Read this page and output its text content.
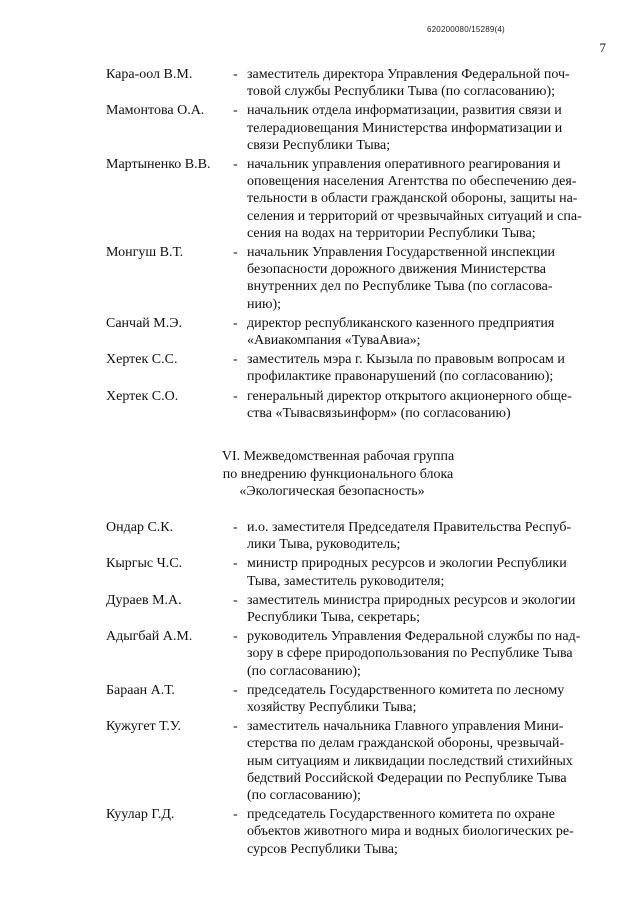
620200080/15289(4)
7
Кара-оол В.М.	- заместитель директора Управления Федеральной поч-
товой службы Республики Тыва (по согласованию);
Мамонтова О.А. - начальник отдела информатизации, развития связи и
телерадиовещания Министерства информатизации и
связи Республики Тыва;
Мартыненко В.В. - начальник управления оперативного реагирования и
оповещения населения Агентства по обеспечению дея-
тельности в области гражданской обороны, защиты на-
селения и территорий от чрезвычайных ситуаций и спа-
сения на водах на территории Республики Тыва;
Монгуш В.Т.	- начальник Управления Государственной инспекции
безопасности дорожного движения Министерства
внутренних дел по Республике Тыва (по согласова-
нию);
Санчай М.Э.	- директор республиканского казенного предприятия
«Авиакомпания «ТуваАвиа»;
Хертек С.С.	- заместитель мэра г. Кызыла по правовым вопросам и
профилактике правонарушений (по согласованию);
Хертек С.О.	- генеральный директор открытого акционерного обще-
ства «Тывасвязьинформ» (по согласованию)
VI. Межведомственная рабочая группа
по внедрению функционального блока
«Экологическая безопасность»
Ондар С.К.	- и.о. заместителя Председателя Правительства Респуб-
лики Тыва, руководитель;
Кыргыс Ч.С.	- министр природных ресурсов и экологии Республики
Тыва, заместитель руководителя;
Дураев М.А.	- заместитель министра природных ресурсов и экологии
Республики Тыва, секретарь;
Адыгбай А.М.	- руководитель Управления Федеральной службы по над-
зору в сфере природопользования по Республике Тыва
(по согласованию);
Бараан А.Т.	- председатель Государственного комитета по лесному
хозяйству Республики Тыва;
Кужугет Т.У.	- заместитель начальника Главного управления Мини-
стерства по делам гражданской обороны, чрезвычай-
ным ситуациям и ликвидации последствий стихийных
бедствий Российской Федерации по Республике Тыва
(по согласованию);
Куулар Г.Д.	- председатель Государственного комитета по охране
объектов животного мира и водных биологических ре-
сурсов Республики Тыва;
